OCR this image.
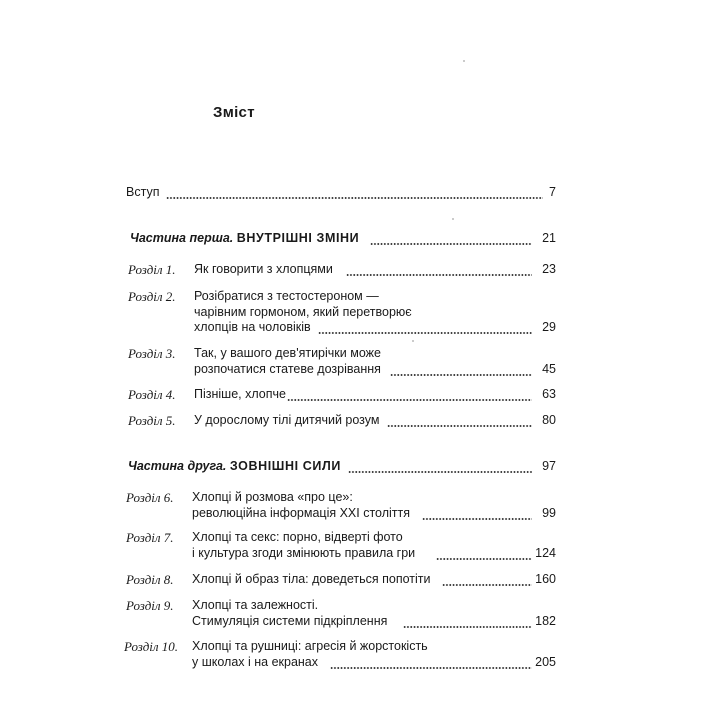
Зміст
Вступ	7
Частина перша. ВНУТРІШНІ ЗМІНИ	21
Розділ 1. Як говорити з хлопцями	23
Розділ 2. Розібратися з тестостероном —
чарівним гормоном, який перетворює
хлопців на чоловіків	29
Розділ 3. Так, у вашого дев'ятирічки може
розпочатися статеве дозрівання	45
Розділ 4. Пізніше, хлопче	63
Розділ 5. У дорослому тілі дитячий розум	80
Частина друга. ЗОВНІШНІ СИЛИ	97
Розділ 6. Хлопці й розмова «про це»:
революційна інформація XXI століття	99
Розділ 7. Хлопці та секс: порно, відверті фото
і культура згоди змінюють правила гри	124
Розділ 8. Хлопці й образ тіла: доведеться попотіти	160
Розділ 9. Хлопці та залежності.
Стимуляція системи підкріплення	182
Розділ 10. Хлопці та рушниці: агресія й жорстокість
у школах і на екранах	205
